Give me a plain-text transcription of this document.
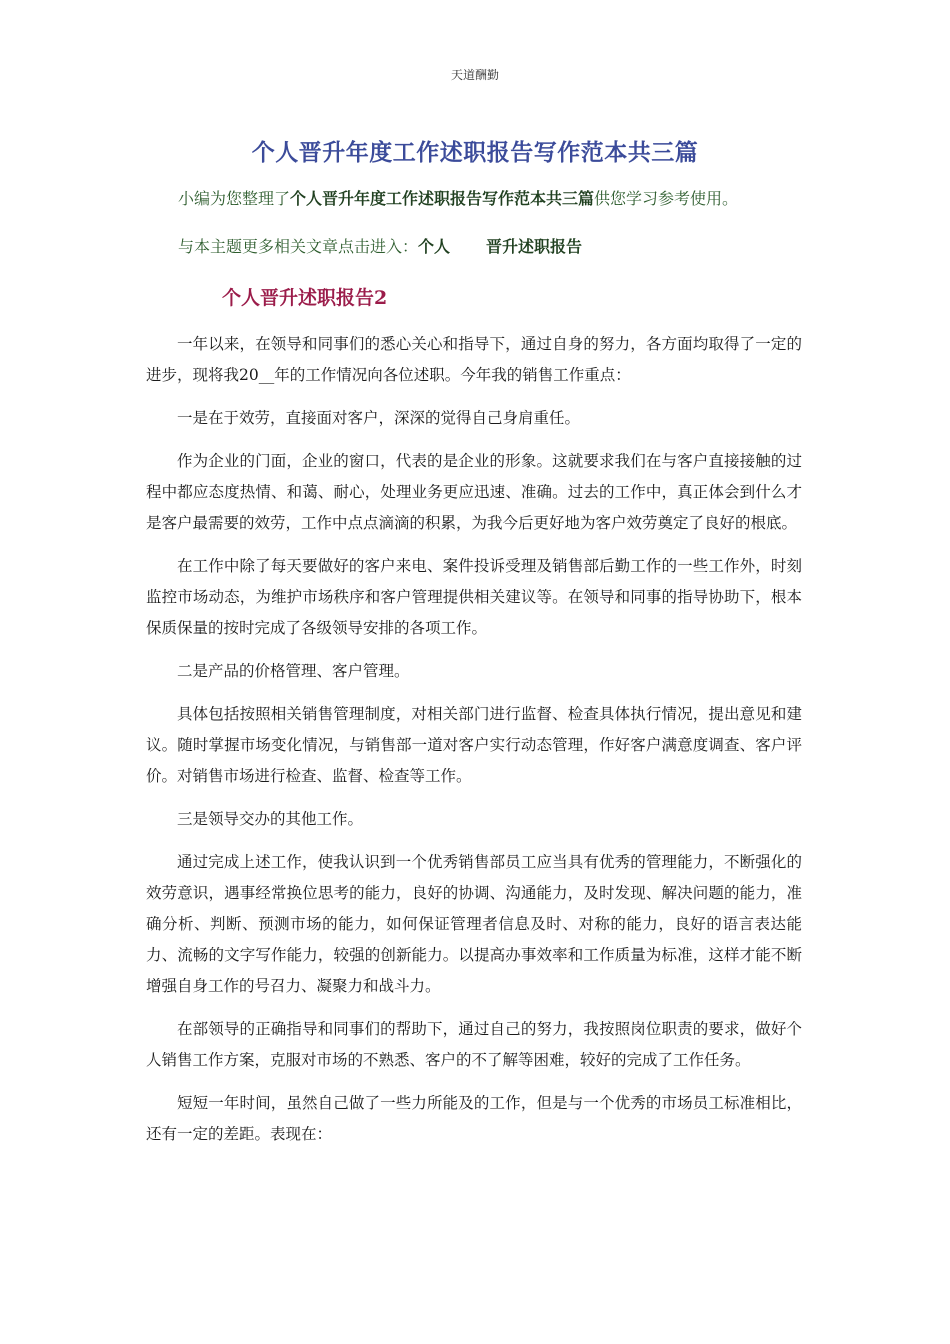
天道酬勤
个人晋升年度工作述职报告写作范本共三篇
小编为您整理了个人晋升年度工作述职报告写作范本共三篇供您学习参考使用。
与本主题更多相关文章点击进入：个人 晋升述职报告
个人晋升述职报告2

一年以来，在领导和同事们的悉心关心和指导下，通过自身的努力，各方面均取得了一定的进步，现将我20__年的工作情况向各位述职。今年我的销售工作重点：

一是在于效劳，直接面对客户，深深的觉得自己身肩重任。

作为企业的门面，企业的窗口，代表的是企业的形象。这就要求我们在与客户直接接触的过程中都应态度热情、和蔼、耐心，处理业务更应迅速、准确。过去的工作中，真正体会到什么才是客户最需要的效劳，工作中点点滴滴的积累，为我今后更好地为客户效劳奠定了良好的根底。

在工作中除了每天要做好的客户来电、案件投诉受理及销售部后勤工作的一些工作外，时刻监控市场动态，为维护市场秩序和客户管理提供相关建议等。在领导和同事的指导协助下，根本保质保量的按时完成了各级领导安排的各项工作。

二是产品的价格管理、客户管理。

具体包括按照相关销售管理制度，对相关部门进行监督、检查具体执行情况，提出意见和建议。随时掌握市场变化情况，与销售部一道对客户实行动态管理，作好客户满意度调查、客户评价。对销售市场进行检查、监督、检查等工作。

三是领导交办的其他工作。

通过完成上述工作，使我认识到一个优秀销售部员工应当具有优秀的管理能力，不断强化的效劳意识，遇事经常换位思考的能力，良好的协调、沟通能力，及时发现、解决问题的能力，准确分析、判断、预测市场的能力，如何保证管理者信息及时、对称的能力，良好的语言表达能力、流畅的文字写作能力，较强的创新能力。以提高办事效率和工作质量为标准，这样才能不断增强自身工作的号召力、凝聚力和战斗力。

在部领导的正确指导和同事们的帮助下，通过自己的努力，我按照岗位职责的要求，做好个人销售工作方案，克服对市场的不熟悉、客户的不了解等困难，较好的完成了工作任务。

短短一年时间，虽然自己做了一些力所能及的工作，但是与一个优秀的市场员工标准相比，还有一定的差距。表现在：
